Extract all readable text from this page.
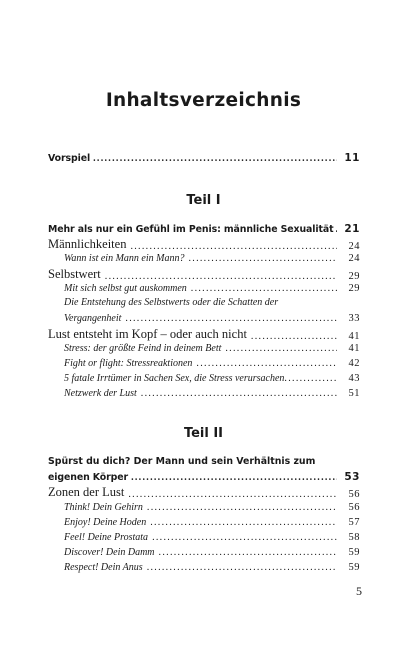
Inhaltsverzeichnis
Vorspiel .....	11
Teil I
Mehr als nur ein Gefühl im Penis: männliche Sexualität .....	21
Männlichkeiten .....	24
Wann ist ein Mann ein Mann? .....	24
Selbstwert .....	29
Mit sich selbst gut auskommen .....	29
Die Entstehung des Selbstwerts oder die Schatten der
Vergangenheit .....	33
Lust entsteht im Kopf – oder auch nicht .....	41
Stress: der größte Feind in deinem Bett .....	41
Fight or flight: Stressreaktionen .....	42
5 fatale Irrtümer in Sachen Sex, die Stress verursachen .....	43
Netzwerk der Lust .....	51
Teil II
Spürst du dich? Der Mann und sein Verhältnis zum
eigenen Körper .....	53
Zonen der Lust .....	56
Think! Dein Gehirn .....	56
Enjoy! Deine Hoden .....	57
Feel! Deine Prostata .....	58
Discover! Dein Damm .....	59
Respect! Dein Anus .....	59
5
